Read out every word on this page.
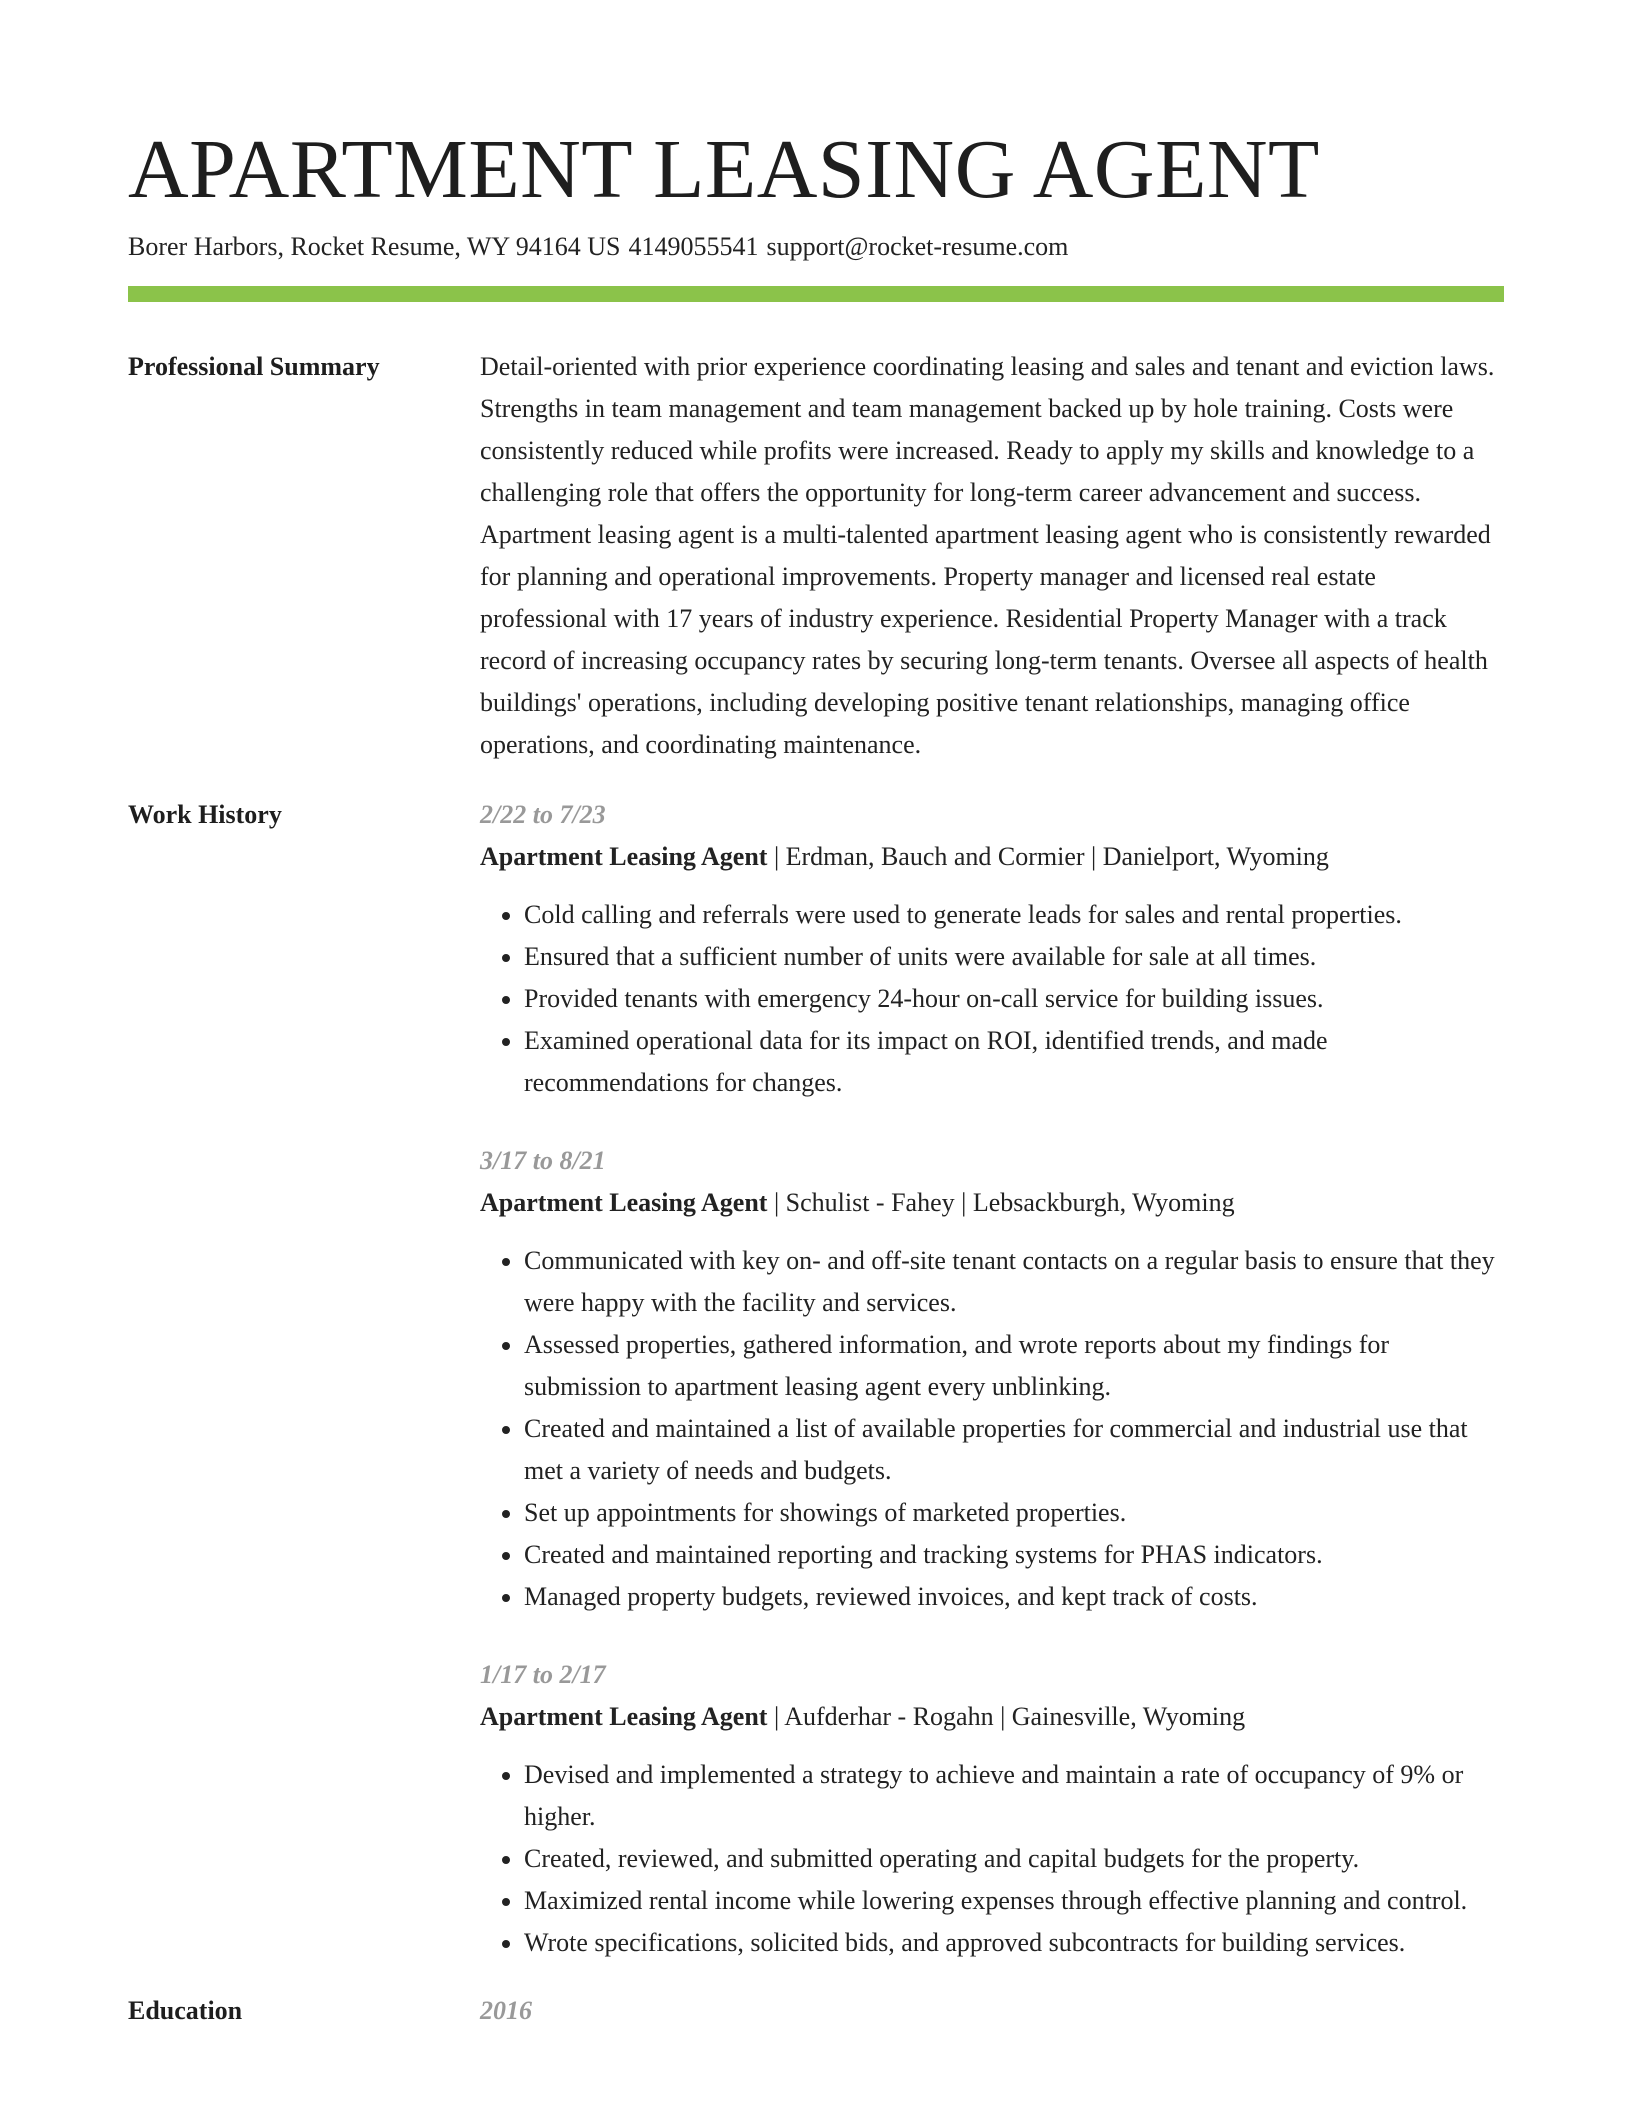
APARTMENT LEASING AGENT
Borer Harbors, Rocket Resume, WY 94164 US 4149055541 support@rocket-resume.com
Professional Summary	Detail-oriented with prior experience coordinating leasing and sales and tenant and eviction laws. Strengths in team management and team management backed up by hole training. Costs were consistently reduced while profits were increased. Ready to apply my skills and knowledge to a challenging role that offers the opportunity for long-term career advancement and success. Apartment leasing agent is a multi-talented apartment leasing agent who is consistently rewarded for planning and operational improvements. Property manager and licensed real estate professional with 17 years of industry experience. Residential Property Manager with a track record of increasing occupancy rates by securing long-term tenants. Oversee all aspects of health buildings' operations, including developing positive tenant relationships, managing office operations, and coordinating maintenance.

Work History	2/22 to 7/23
Apartment Leasing Agent | Erdman, Bauch and Cormier | Danielport, Wyoming
• Cold calling and referrals were used to generate leads for sales and rental properties.
• Ensured that a sufficient number of units were available for sale at all times.
• Provided tenants with emergency 24-hour on-call service for building issues.
• Examined operational data for its impact on ROI, identified trends, and made recommendations for changes.
3/17 to 8/21
Apartment Leasing Agent | Schulist - Fahey | Lebsackburgh, Wyoming
• Communicated with key on- and off-site tenant contacts on a regular basis to ensure that they were happy with the facility and services.
• Assessed properties, gathered information, and wrote reports about my findings for submission to apartment leasing agent every unblinking.
• Created and maintained a list of available properties for commercial and industrial use that met a variety of needs and budgets.
• Set up appointments for showings of marketed properties.
• Created and maintained reporting and tracking systems for PHAS indicators.
• Managed property budgets, reviewed invoices, and kept track of costs.
1/17 to 2/17
Apartment Leasing Agent | Aufderhar - Rogahn | Gainesville, Wyoming
• Devised and implemented a strategy to achieve and maintain a rate of occupancy of 9% or higher.
• Created, reviewed, and submitted operating and capital budgets for the property.
• Maximized rental income while lowering expenses through effective planning and control.
• Wrote specifications, solicited bids, and approved subcontracts for building services.
Education	2016
